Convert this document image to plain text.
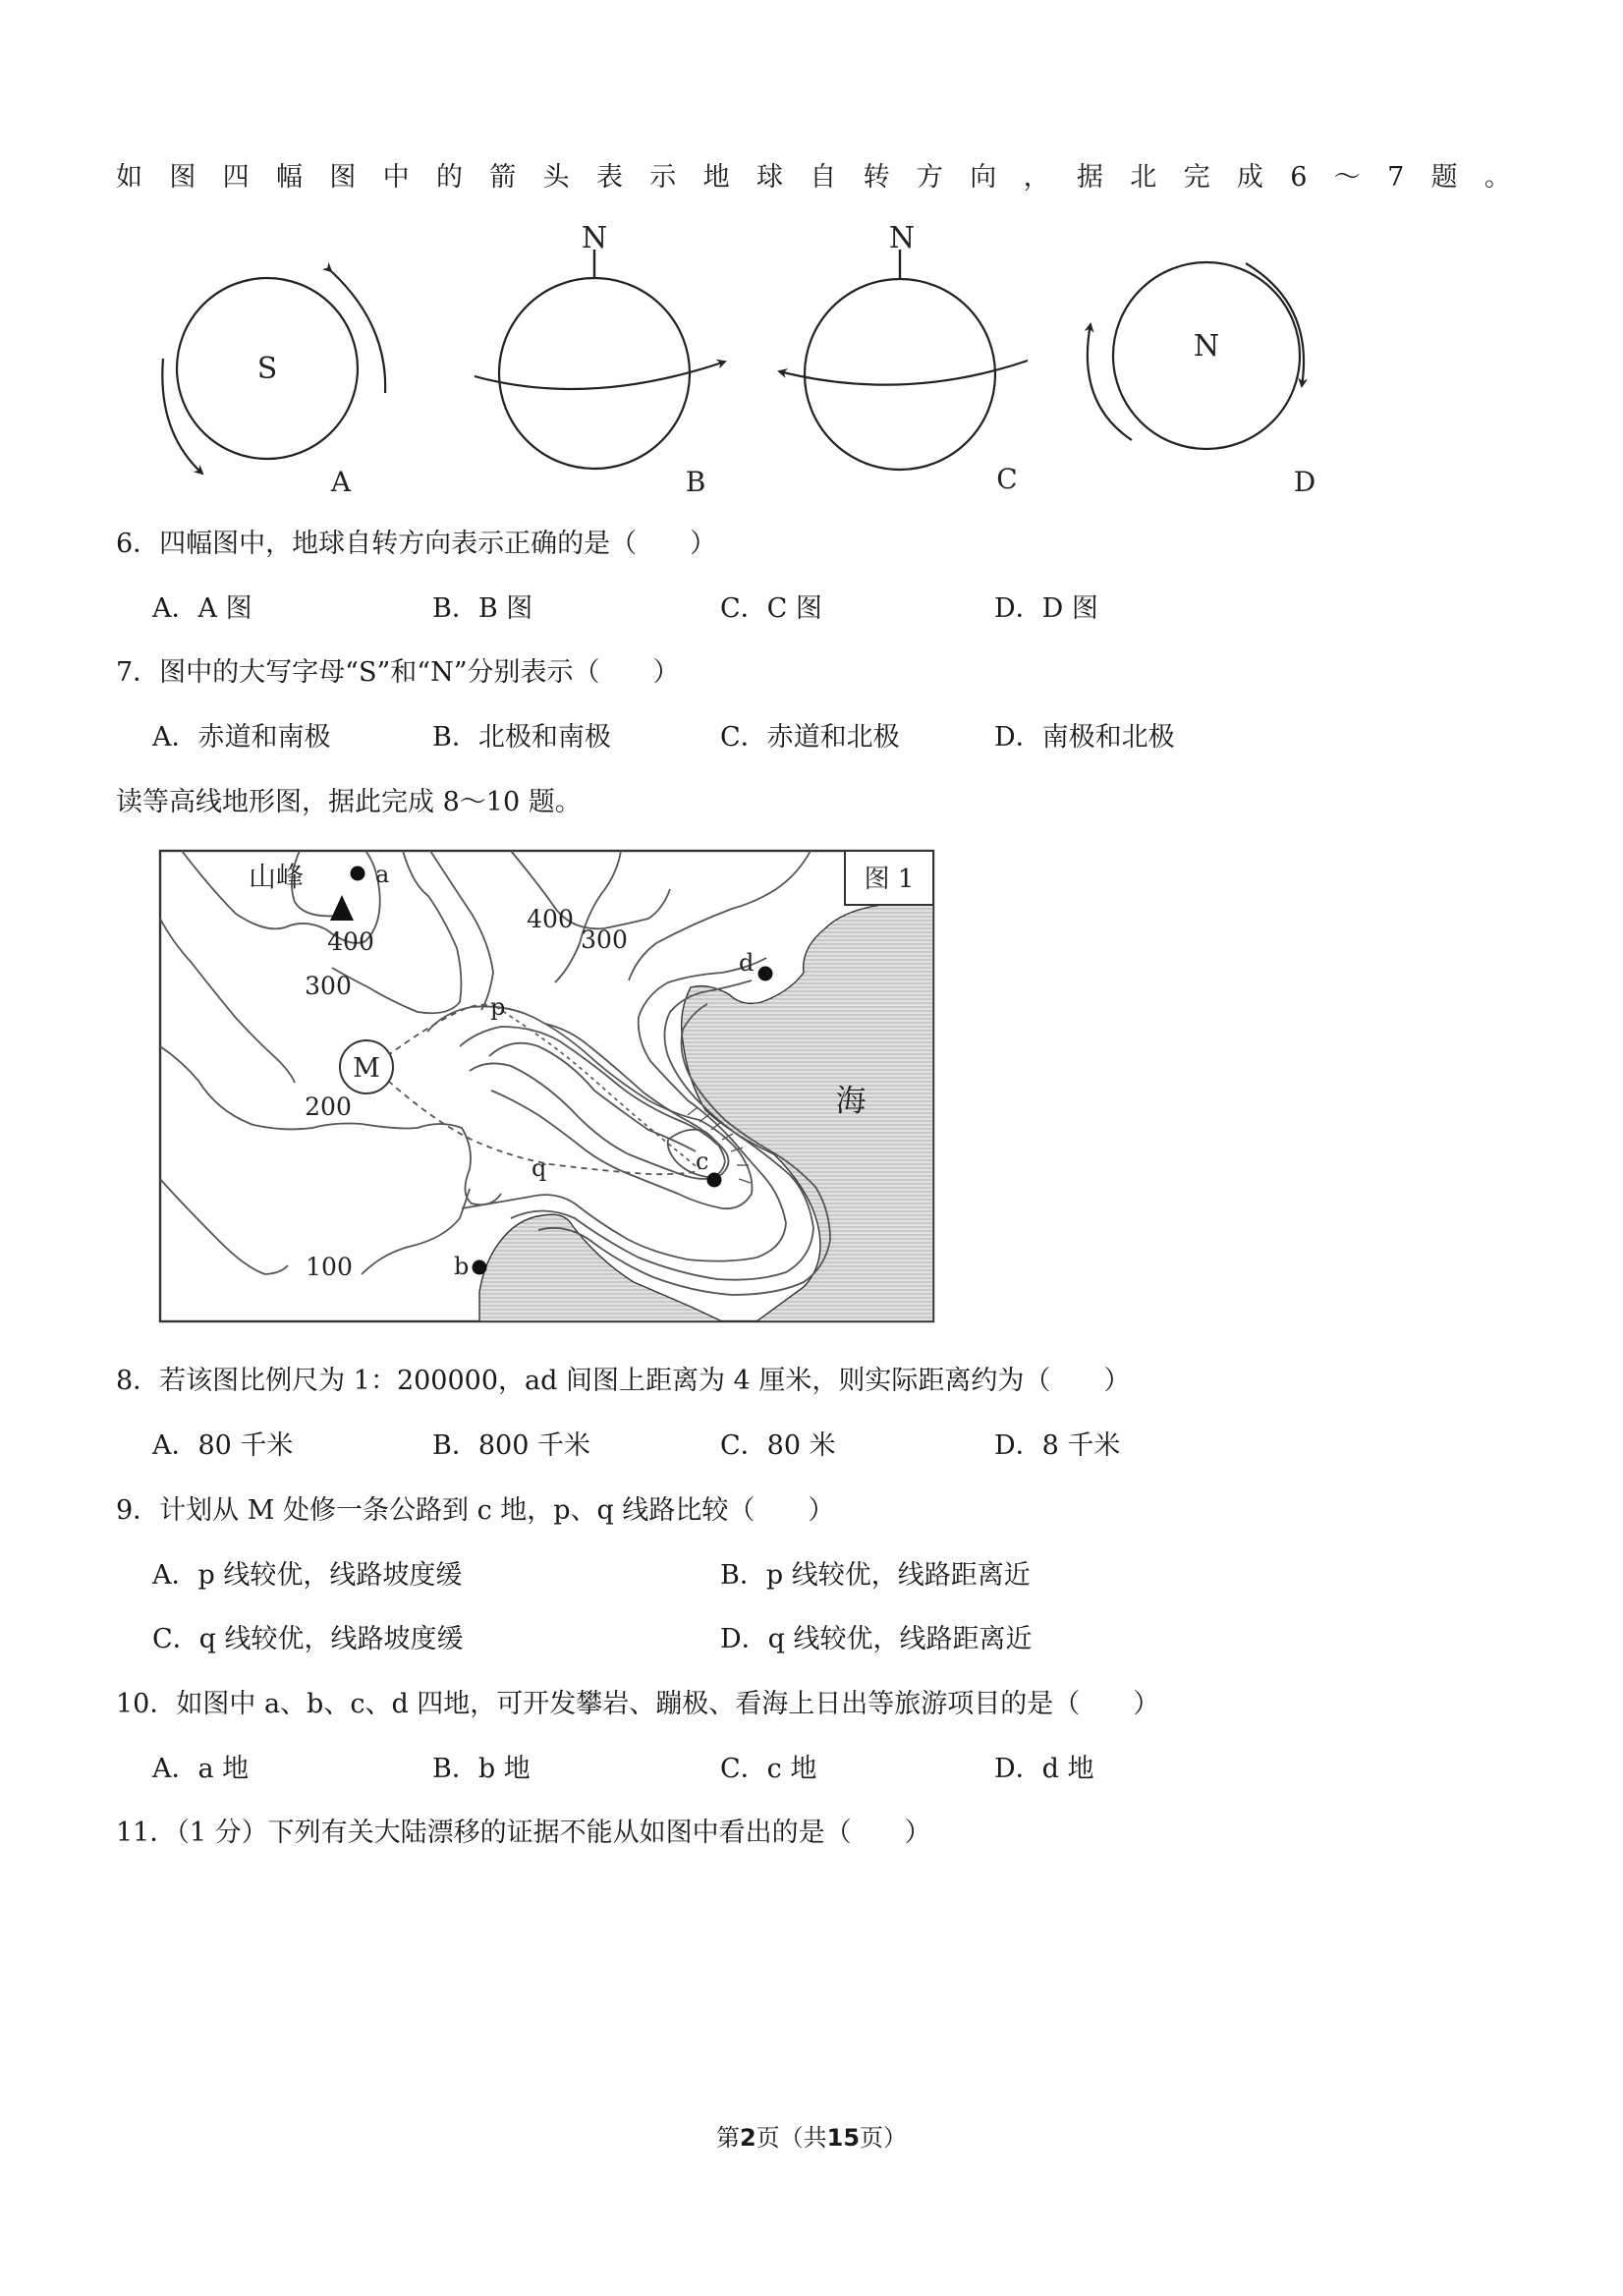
如 图 四 幅 图 中 的 箭 头 表 示 地 球 自 转 方 向 ， 据 北 完 成 6 ～ 7 题 。
S
A
N
B
N
C
N
D
6．四幅图中，地球自转方向表示正确的是（　　）
A．A 图	B．B 图	C．C 图	D．D 图
7．图中的大写字母“S”和“N”分别表示（　　）
A．赤道和南极	B．北极和南极	C．赤道和北极	D．南极和北极
读等高线地形图，据此完成 8～10 题。
M
山峰	a
b
c
d
p
q
400
400
300
300
200
100
海
图 1
8．若该图比例尺为 1：200000，ad 间图上距离为 4 厘米，则实际距离约为（　　）
A．80 千米	B．800 千米	C．80 米	D．8 千米
9．计划从 M 处修一条公路到 c 地，p、q 线路比较（　　）
A．p 线较优，线路坡度缓	B．p 线较优，线路距离近
C．q 线较优，线路坡度缓	D．q 线较优，线路距离近
10．如图中 a、b、c、d 四地，可开发攀岩、蹦极、看海上日出等旅游项目的是（　　）
A．a 地	B．b 地	C．c 地	D．d 地
11．（1 分）下列有关大陆漂移的证据不能从如图中看出的是（　　）
第2页（共15页）
